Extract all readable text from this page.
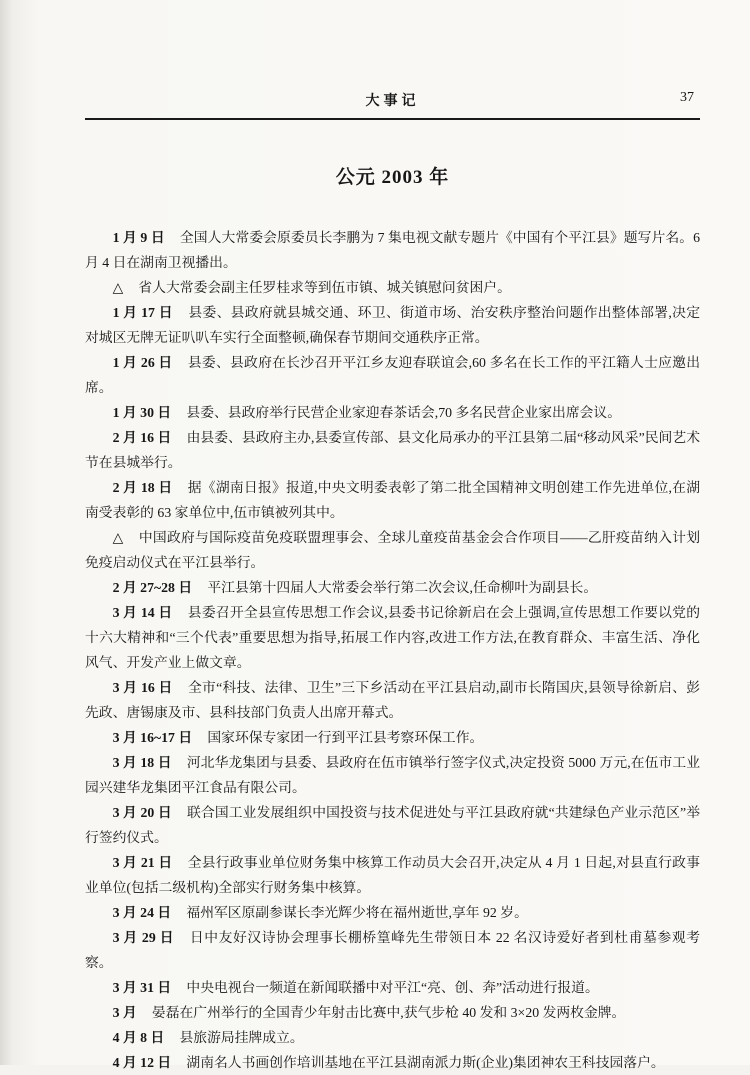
大事记	37
公元 2003 年

1 月 9 日 全国人大常委会原委员长李鹏为 7 集电视文献专题片《中国有个平江县》题写片名。6 月 4 日在湖南卫视播出。

△ 省人大常委会副主任罗桂求等到伍市镇、城关镇慰问贫困户。

1 月 17 日 县委、县政府就县城交通、环卫、街道市场、治安秩序整治问题作出整体部署,决定对城区无牌无证叭叭车实行全面整顿,确保春节期间交通秩序正常。

1 月 26 日 县委、县政府在长沙召开平江乡友迎春联谊会,60 多名在长工作的平江籍人士应邀出席。

1 月 30 日 县委、县政府举行民营企业家迎春茶话会,70 多名民营企业家出席会议。

2 月 16 日 由县委、县政府主办,县委宣传部、县文化局承办的平江县第二届“移动风采”民间艺术节在县城举行。

2 月 18 日 据《湖南日报》报道,中央文明委表彰了第二批全国精神文明创建工作先进单位,在湖南受表彰的 63 家单位中,伍市镇被列其中。

△ 中国政府与国际疫苗免疫联盟理事会、全球儿童疫苗基金会合作项目——乙肝疫苗纳入计划免疫启动仪式在平江县举行。

2 月 27~28 日 平江县第十四届人大常委会举行第二次会议,任命柳叶为副县长。

3 月 14 日 县委召开全县宣传思想工作会议,县委书记徐新启在会上强调,宣传思想工作要以党的十六大精神和“三个代表”重要思想为指导,拓展工作内容,改进工作方法,在教育群众、丰富生活、净化风气、开发产业上做文章。

3 月 16 日 全市“科技、法律、卫生”三下乡活动在平江县启动,副市长隋国庆,县领导徐新启、彭先政、唐锡康及市、县科技部门负责人出席开幕式。

3 月 16~17 日 国家环保专家团一行到平江县考察环保工作。

3 月 18 日 河北华龙集团与县委、县政府在伍市镇举行签字仪式,决定投资 5000 万元,在伍市工业园兴建华龙集团平江食品有限公司。

3 月 20 日 联合国工业发展组织中国投资与技术促进处与平江县政府就“共建绿色产业示范区”举行签约仪式。

3 月 21 日 全县行政事业单位财务集中核算工作动员大会召开,决定从 4 月 1 日起,对县直行政事业单位(包括二级机构)全部实行财务集中核算。

3 月 24 日 福州军区原副参谋长李光辉少将在福州逝世,享年 92 岁。

3 月 29 日 日中友好汉诗协会理事长棚桥篁峰先生带领日本 22 名汉诗爱好者到杜甫墓参观考察。

3 月 31 日 中央电视台一频道在新闻联播中对平江“亮、创、奔”活动进行报道。

3 月 晏磊在广州举行的全国青少年射击比赛中,获气步枪 40 发和 3×20 发两枚金牌。

4 月 8 日 县旅游局挂牌成立。

4 月 12 日 湖南名人书画创作培训基地在平江县湖南派力斯(企业)集团神农王科技园落户。
